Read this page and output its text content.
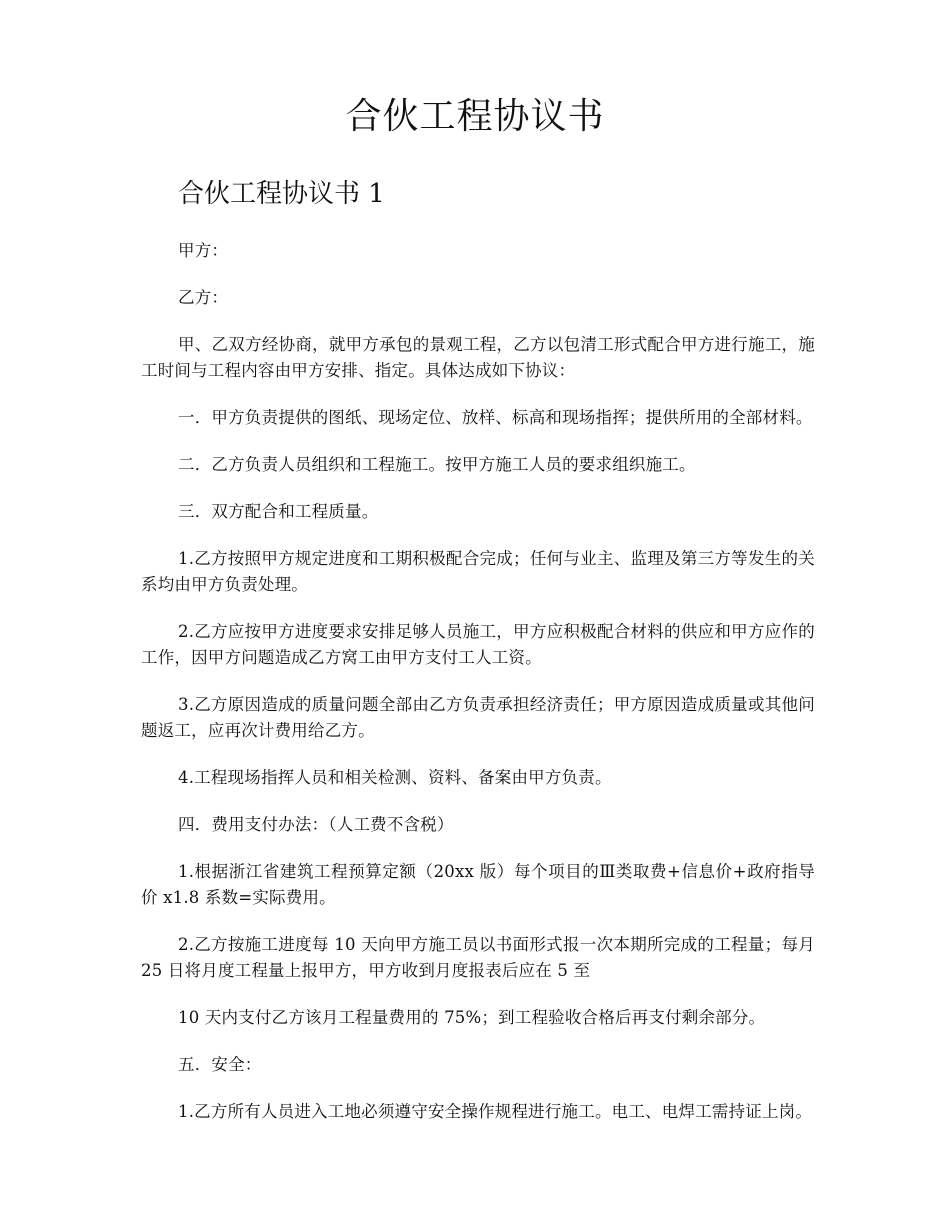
合伙工程协议书
合伙工程协议书 1

甲方：

乙方：

甲、乙双方经协商，就甲方承包的景观工程，乙方以包清工形式配合甲方进行施工，施工时间与工程内容由甲方安排、指定。具体达成如下协议：

一．甲方负责提供的图纸、现场定位、放样、标高和现场指挥；提供所用的全部材料。

二．乙方负责人员组织和工程施工。按甲方施工人员的要求组织施工。

三．双方配合和工程质量。

1.乙方按照甲方规定进度和工期积极配合完成；任何与业主、监理及第三方等发生的关系均由甲方负责处理。

2.乙方应按甲方进度要求安排足够人员施工，甲方应积极配合材料的供应和甲方应作的工作，因甲方问题造成乙方窝工由甲方支付工人工资。

3.乙方原因造成的质量问题全部由乙方负责承担经济责任；甲方原因造成质量或其他问题返工，应再次计费用给乙方。

4.工程现场指挥人员和相关检测、资料、备案由甲方负责。

四．费用支付办法：（人工费不含税）

1.根据浙江省建筑工程预算定额（20xx 版）每个项目的Ⅲ类取费+信息价+政府指导价 x1.8 系数=实际费用。

2.乙方按施工进度每 10 天向甲方施工员以书面形式报一次本期所完成的工程量；每月 25 日将月度工程量上报甲方，甲方收到月度报表后应在 5 至

10 天内支付乙方该月工程量费用的 75%；到工程验收合格后再支付剩余部分。

五．安全：

1.乙方所有人员进入工地必须遵守安全操作规程进行施工。电工、电焊工需持证上岗。
